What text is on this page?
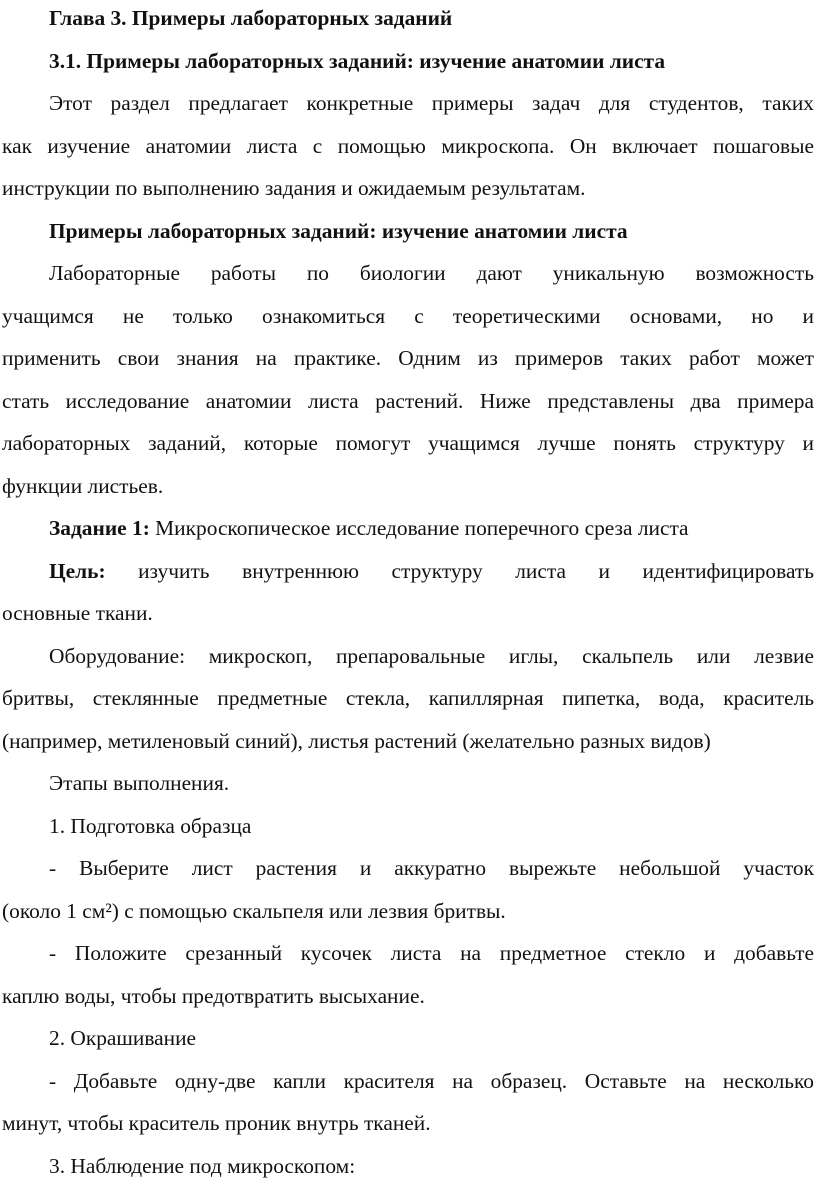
Глава 3. Примеры лабораторных заданий
3.1. Примеры лабораторных заданий: изучение анатомии листа
Этот раздел предлагает конкретные примеры задач для студентов, таких
как изучение анатомии листа с помощью микроскопа. Он включает пошаговые
инструкции по выполнению задания и ожидаемым результатам.
Примеры лабораторных заданий: изучение анатомии листа
Лабораторные работы по биологии дают уникальную возможность
учащимся не только ознакомиться с теоретическими основами, но и
применить свои знания на практике. Одним из примеров таких работ может
стать исследование анатомии листа растений. Ниже представлены два примера
лабораторных заданий, которые помогут учащимся лучше понять структуру и
функции листьев.
Задание 1: Микроскопическое исследование поперечного среза листа
Цель: изучить внутреннюю структуру листа и идентифицировать
основные ткани.
Оборудование: микроскоп, препаровальные иглы, скальпель или лезвие
бритвы, стеклянные предметные стекла, капиллярная пипетка, вода, краситель
(например, метиленовый синий), листья растений (желательно разных видов)
Этапы выполнения.
1. Подготовка образца
- Выберите лист растения и аккуратно вырежьте небольшой участок
(около 1 см²) с помощью скальпеля или лезвия бритвы.
- Положите срезанный кусочек листа на предметное стекло и добавьте
каплю воды, чтобы предотвратить высыхание.
2. Окрашивание
- Добавьте одну-две капли красителя на образец. Оставьте на несколько
минут, чтобы краситель проник внутрь тканей.
3. Наблюдение под микроскопом:
